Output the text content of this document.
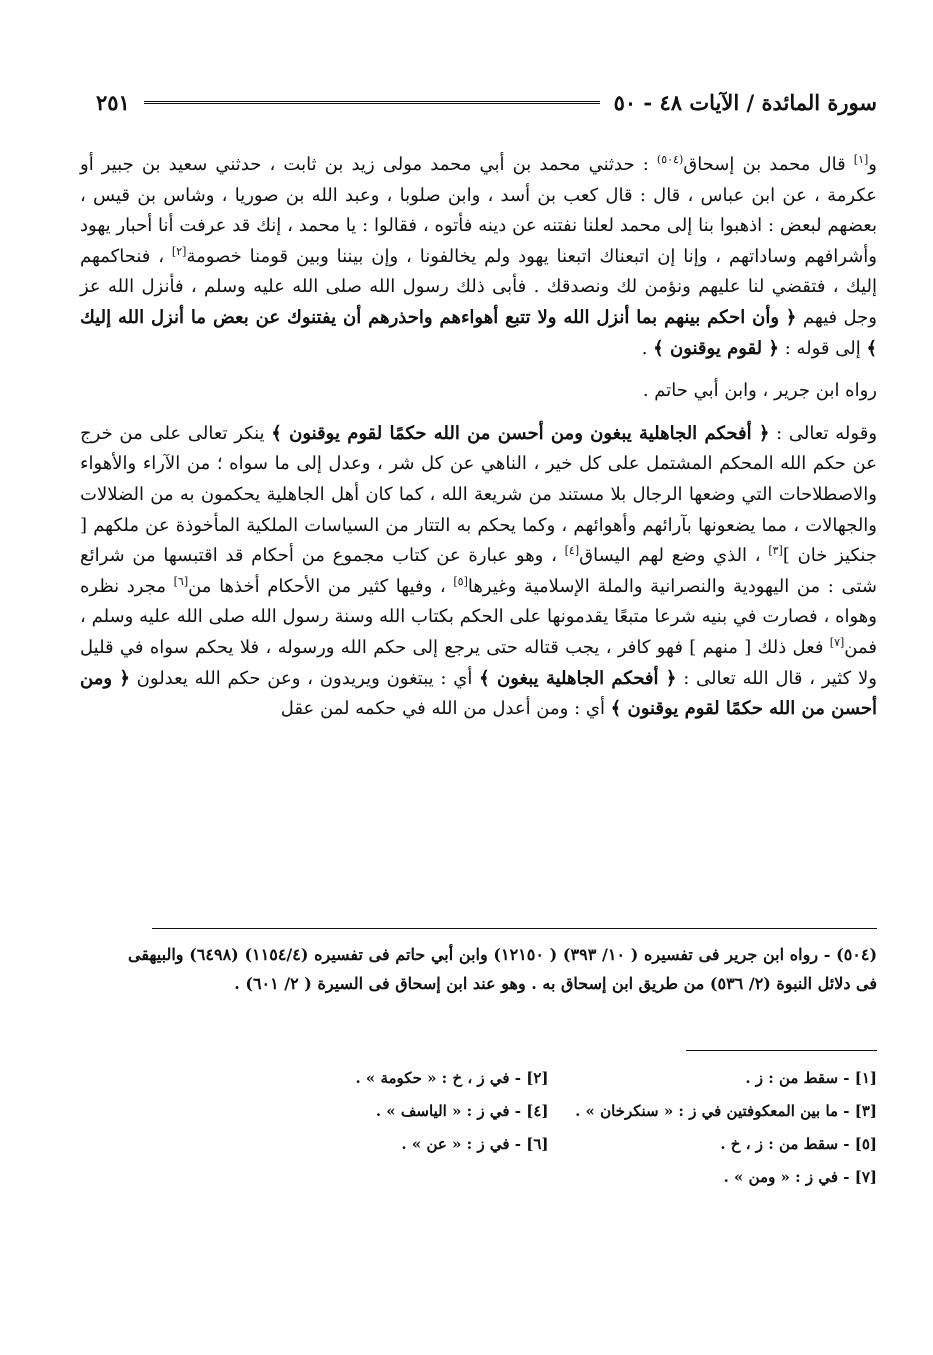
سورة المائدة / الآيات ٤٨ - ٥٠
٢٥١

و[١] قال محمد بن إسحاق$^{(٥٠٤)}$ : حدثني محمد بن أبي محمد مولى زيد بن ثابت ، حدثني سعيد بن جبير أو عكرمة ، عن ابن عباس ، قال : قال كعب بن أسد ، وابن صلوبا ، وعبد الله بن صوريا ، وشاس بن قيس ، بعضهم لبعض : اذهبوا بنا إلى محمد لعلنا نفتنه عن دينه فأتوه ، فقالوا : يا محمد ، إنك قد عرفت أنا أحبار يهود وأشرافهم وساداتهم ، وإنا إن اتبعناك اتبعنا يهود ولم يخالفونا ، وإن بيننا وبين قومنا خصومة[٢] ، فنحاكمهم إليك ، فتقضي لنا عليهم ونؤمن لك ونصدقك . فأبى ذلك رسول الله صلى الله عليه وسلم ، فأنزل الله عز وجل فيهم ﴿ وأن احكم بينهم بما أنزل الله ولا تتبع أهواءهم واحذرهم أن يفتنوك عن بعض ما أنزل الله إليك ﴾ إلى قوله : ﴿ لقوم يوقنون ﴾ .

رواه ابن جرير ، وابن أبي حاتم .

وقوله تعالى : ﴿ أفحكم الجاهلية يبغون ومن أحسن من الله حكمًا لقوم يوقنون ﴾ ينكر تعالى على من خرج عن حكم الله المحكم المشتمل على كل خير ، الناهي عن كل شر ، وعدل إلى ما سواه ؛ من الآراء والأهواء والاصطلاحات التي وضعها الرجال بلا مستند من شريعة الله ، كما كان أهل الجاهلية يحكمون به من الضلالات والجهالات ، مما يضعونها بآرائهم وأهوائهم ، وكما يحكم به التتار من السياسات الملكية المأخوذة عن ملكهم [ جنكيز خان ][٣] ، الذي وضع لهم اليساق[٤] ، وهو عبارة عن كتاب مجموع من أحكام قد اقتبسها من شرائع شتى : من اليهودية والنصرانية والملة الإسلامية وغيرها[٥] ، وفيها كثير من الأحكام أخذها من[٦] مجرد نظره وهواه ، فصارت في بنيه شرعا متبعًا يقدمونها على الحكم بكتاب الله وسنة رسول الله صلى الله عليه وسلم ، فمن[٧] فعل ذلك [ منهم ] فهو كافر ، يجب قتاله حتى يرجع إلى حكم الله ورسوله ، فلا يحكم سواه في قليل ولا كثير ، قال الله تعالى : ﴿ أفحكم الجاهلية يبغون ﴾ أي : يبتغون ويريدون ، وعن حكم الله يعدلون ﴿ ومن أحسن من الله حكمًا لقوم يوقنون ﴾ أي : ومن أعدل من الله في حكمه لمن عقل

(٥٠٤) - رواه ابن جرير فى تفسيره ( ١٠/ ٣٩٣) ( ١٢١٥٠) وابن أبي حاتم فى تفسيره (١١٥٤/٤) (٦٤٩٨) والبيهقى فى دلائل النبوة (٢/ ٥٣٦) من طريق ابن إسحاق به . وهو عند ابن إسحاق فى السيرة ( ٢/ ٦٠١) .
[١] - سقط من : ز .
[٢] - في ز ، خ : « حكومة » .
[٣] - ما بين المعكوفتين في ز : « سنكرخان » .
[٤] - في ز : « الياسف » .
[٥] - سقط من : ز ، خ .
[٦] - في ز : « عن » .
[٧] - في ز : « ومن » .
